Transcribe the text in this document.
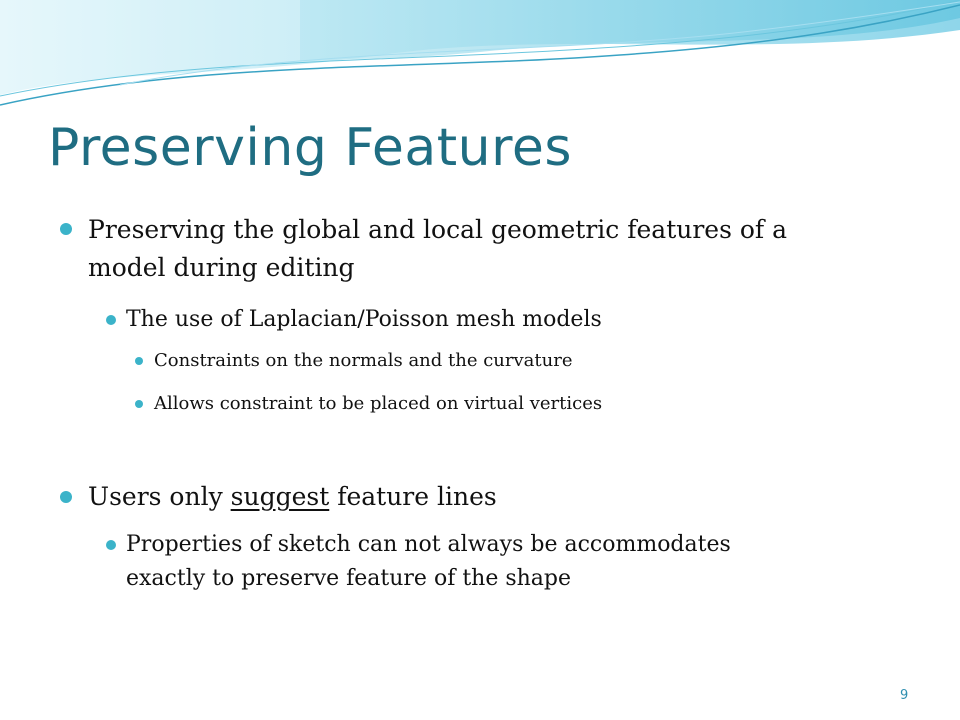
Preserving Features
Preserving the global and local geometric features of a
model during editing
The use of Laplacian/Poisson mesh models
Constraints on the normals and the curvature
Allows constraint to be placed on virtual vertices
Users only suggest feature lines
Properties of sketch can not always be accommodates
exactly to preserve feature of the shape
9
